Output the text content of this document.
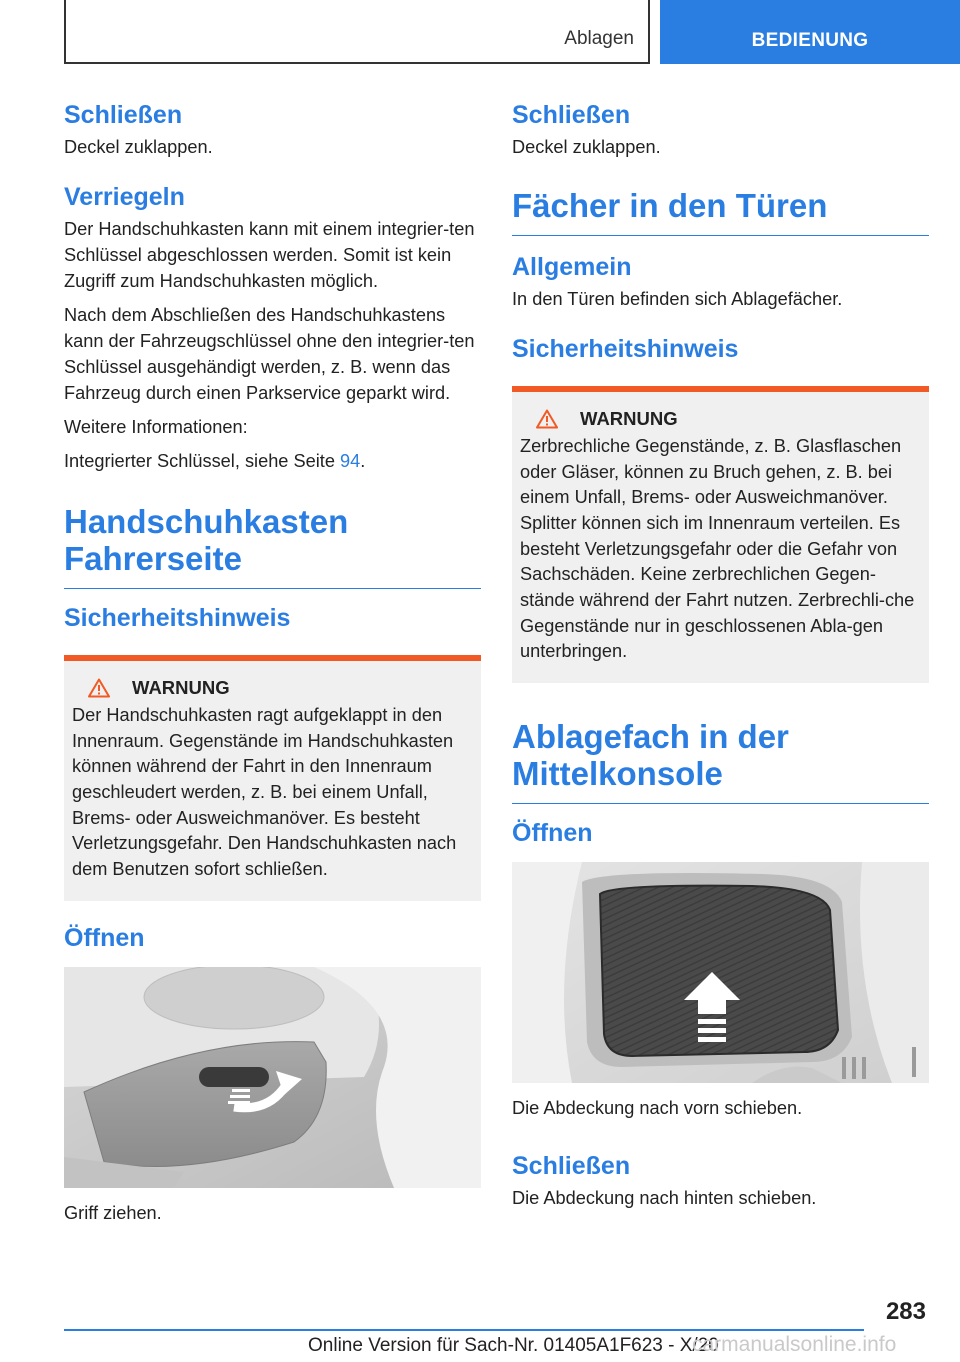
Ablagen	BEDIENUNG
Schließen

Deckel zuklappen.

Verriegeln

Der Handschuhkasten kann mit einem integrier-ten Schlüssel abgeschlossen werden. Somit ist kein Zugriff zum Handschuhkasten möglich.

Nach dem Abschließen des Handschuhkastens kann der Fahrzeugschlüssel ohne den integrier-ten Schlüssel ausgehändigt werden, z. B. wenn das Fahrzeug durch einen Parkservice geparkt wird.

Weitere Informationen:

Integrierter Schlüssel, siehe Seite 94.

Handschuhkasten Fahrerseite
Sicherheitshinweis
WARNUNG

Der Handschuhkasten ragt aufgeklappt in den Innenraum. Gegenstände im Handschuhkasten können während der Fahrt in den Innenraum geschleudert werden, z. B. bei einem Unfall, Brems- oder Ausweichmanöver. Es besteht Verletzungsgefahr. Den Handschuhkasten nach dem Benutzen sofort schließen.

Öffnen

Griff ziehen.

Schließen

Deckel zuklappen.

Fächer in den Türen
Allgemein

In den Türen befinden sich Ablagefächer.

Sicherheitshinweis
WARNUNG

Zerbrechliche Gegenstände, z. B. Glasflaschen oder Gläser, können zu Bruch gehen, z. B. bei einem Unfall, Brems- oder Ausweichmanöver. Splitter können sich im Innenraum verteilen. Es besteht Verletzungsgefahr oder die Gefahr von Sachschäden. Keine zerbrechlichen Gegen-stände während der Fahrt nutzen. Zerbrechli-che Gegenstände nur in geschlossenen Abla-gen unterbringen.

Ablagefach in der Mittelkonsole
Öffnen

Die Abdeckung nach vorn schieben.

Schließen

Die Abdeckung nach hinten schieben.

283
Online Version für Sach-Nr. 01405A1F623 - X/20
carmanualsonline.info
